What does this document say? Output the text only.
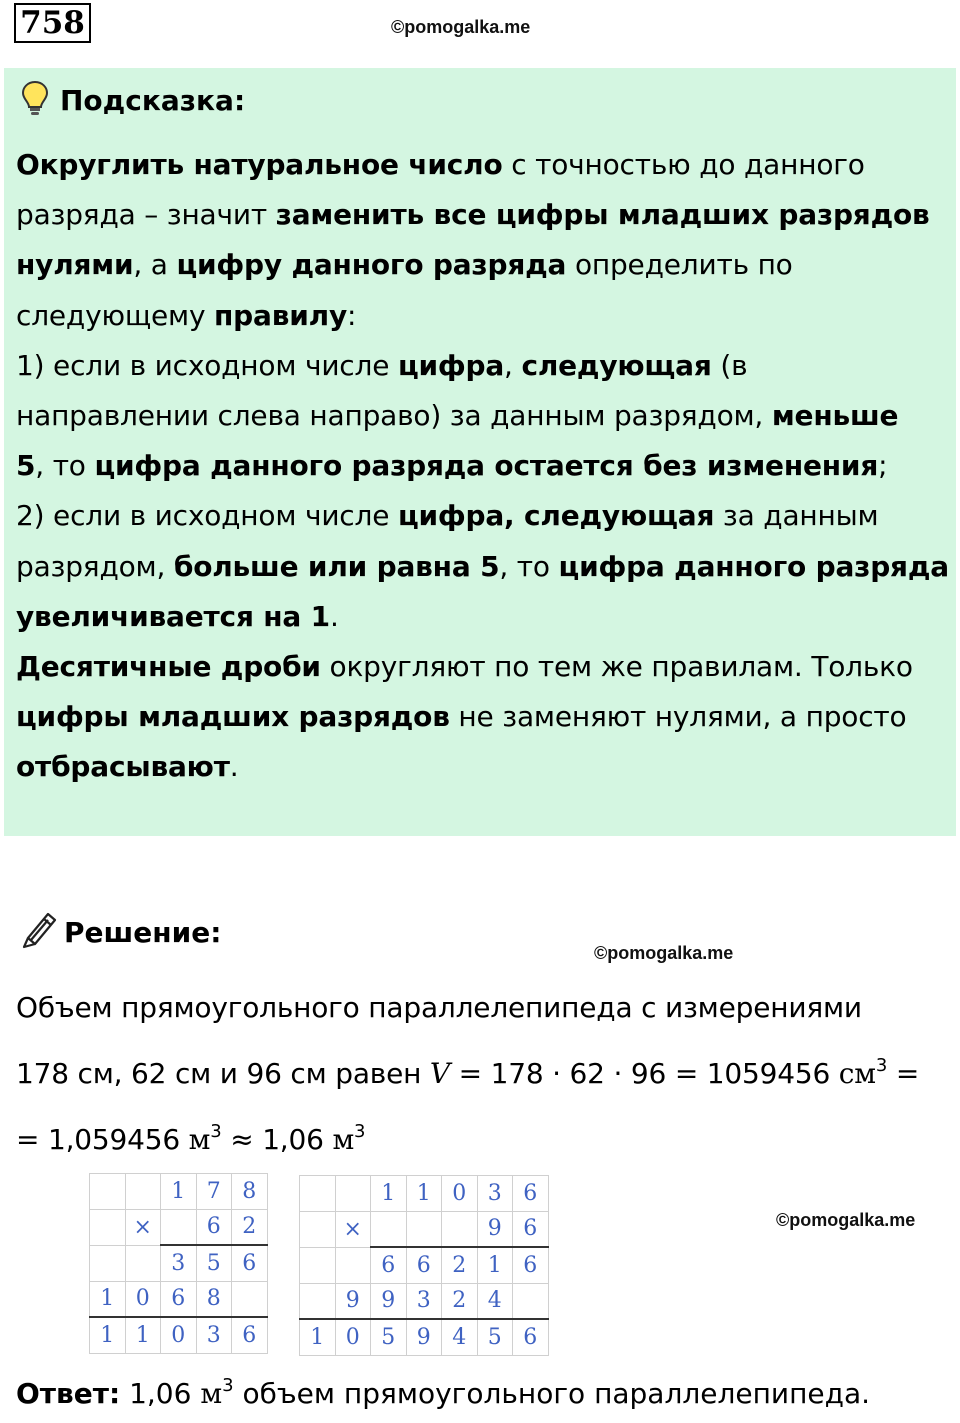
758	©pomogalka.me
Подсказка:
Округлить натуральное число с точностью до данного
разряда – значит заменить все цифры младших разрядов
нулями, а цифру данного разряда определить по
следующему правилу:
1) если в исходном числе цифра, следующая (в
направлении слева направо) за данным разрядом, меньше
5, то цифра данного разряда остается без изменения;
2) если в исходном числе цифра, следующая за данным
разрядом, больше или равна 5, то цифра данного разряда
увеличивается на 1.
Десятичные дроби округляют по тем же правилам. Только
цифры младших разрядов не заменяют нулями, а просто
отбрасывают.
Решение:
©pomogalka.me
Объем прямоугольного параллелепипеда с измерениями
178 см, 62 см и 96 см равен V = 178 · 62 · 96 = 1059456 $см^3$ =
= 1,059456 $м^3 \approx 1,06$ $м^3$
		1	7	8
	×		6	2
		3	5	6
1	0	6	8	
1	1	0	3	6
		1	1	0	3	6
	×				9	6
		6	6	2	1	6
	9	9	3	2	4	
1	0	5	9	4	5	6
©pomogalka.me
Ответ: 1,06 $м^3$ объем прямоугольного параллелепипеда.
